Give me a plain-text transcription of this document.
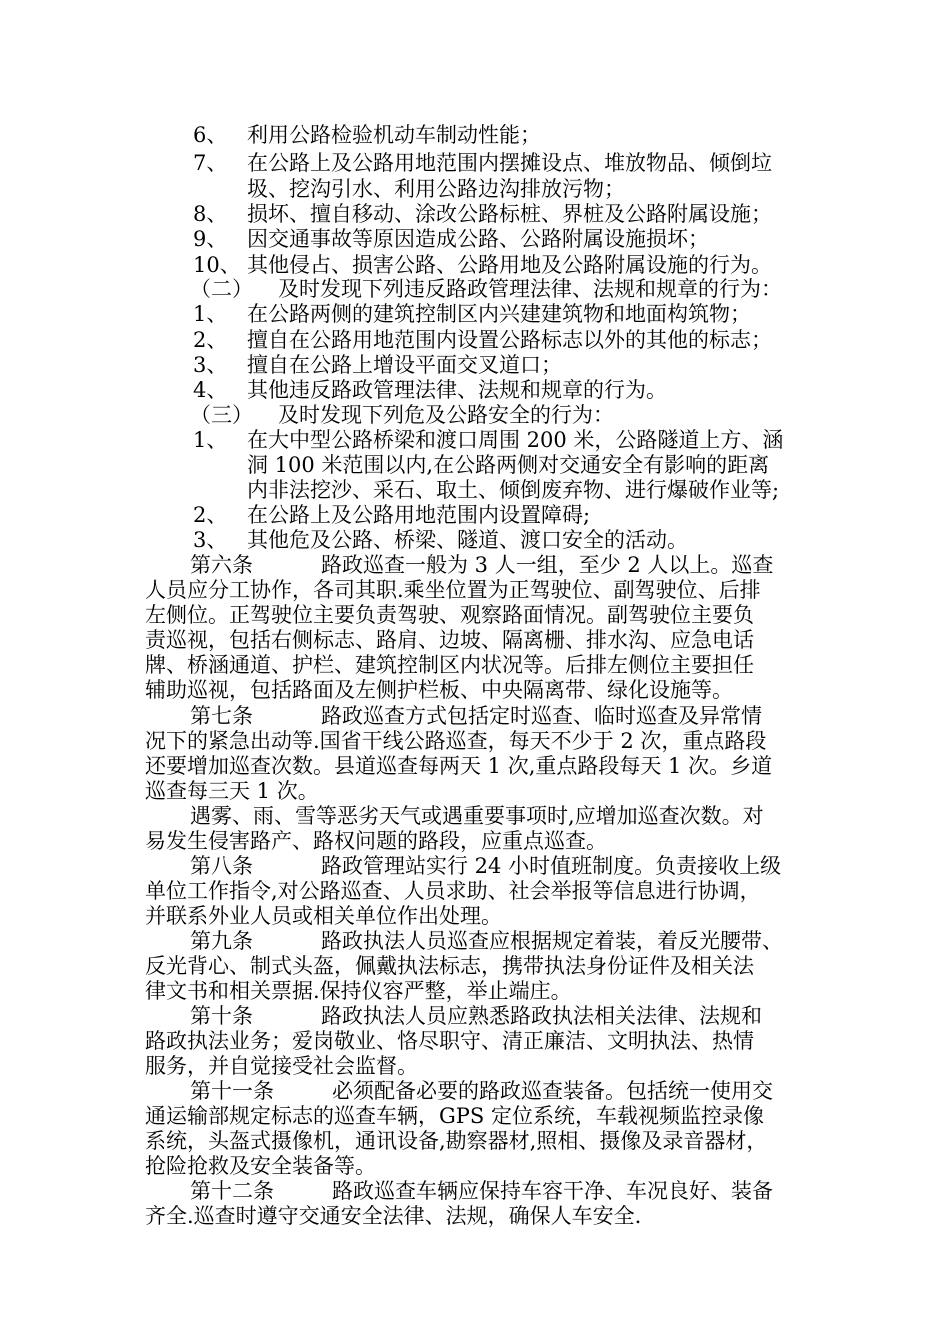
6、 利用公路检验机动车制动性能；
7、 在公路上及公路用地范围内摆摊设点、堆放物品、倾倒垃
圾、挖沟引水、利用公路边沟排放污物；
8、 损坏、擅自移动、涂改公路标桩、界桩及公路附属设施；
9、 因交通事故等原因造成公路、公路附属设施损坏；
10、 其他侵占、损害公路、公路用地及公路附属设施的行为。
（二） 及时发现下列违反路政管理法律、法规和规章的行为：
1、 在公路两侧的建筑控制区内兴建建筑物和地面构筑物；
2、 擅自在公路用地范围内设置公路标志以外的其他的标志；
3、 擅自在公路上增设平面交叉道口；
4、 其他违反路政管理法律、法规和规章的行为。
（三） 及时发现下列危及公路安全的行为：
1、 在大中型公路桥梁和渡口周围 200 米，公路隧道上方、涵
洞 100 米范围以内,在公路两侧对交通安全有影响的距离
内非法挖沙、采石、取土、倾倒废弃物、进行爆破作业等;
2、 在公路上及公路用地范围内设置障碍;
3、 其他危及公路、桥梁、隧道、渡口安全的活动。
第六条	路政巡查一般为 3 人一组，至少 2 人以上。巡查
人员应分工协作，各司其职.乘坐位置为正驾驶位、副驾驶位、后排
左侧位。正驾驶位主要负责驾驶、观察路面情况。副驾驶位主要负
责巡视，包括右侧标志、路肩、边坡、隔离栅、排水沟、应急电话
牌、桥涵通道、护栏、建筑控制区内状况等。后排左侧位主要担任
辅助巡视，包括路面及左侧护栏板、中央隔离带、绿化设施等。
第七条	路政巡查方式包括定时巡查、临时巡查及异常情
况下的紧急出动等.国省干线公路巡查，每天不少于 2 次，重点路段
还要增加巡查次数。县道巡查每两天 1 次,重点路段每天 1 次。乡道
巡查每三天 1 次。
遇雾、雨、雪等恶劣天气或遇重要事项时,应增加巡查次数。对
易发生侵害路产、路权问题的路段，应重点巡查。
第八条	路政管理站实行 24 小时值班制度。负责接收上级
单位工作指令,对公路巡查、人员求助、社会举报等信息进行协调，
并联系外业人员或相关单位作出处理。
第九条	路政执法人员巡查应根据规定着装，着反光腰带、
反光背心、制式头盔，佩戴执法标志，携带执法身份证件及相关法
律文书和相关票据.保持仪容严整，举止端庄。
第十条	路政执法人员应熟悉路政执法相关法律、法规和
路政执法业务；爱岗敬业、恪尽职守、清正廉洁、文明执法、热情
服务，并自觉接受社会监督。
第十一条	必须配备必要的路政巡查装备。包括统一使用交
通运输部规定标志的巡查车辆，GPS 定位系统，车载视频监控录像
系统，头盔式摄像机，通讯设备,勘察器材,照相、摄像及录音器材，
抢险抢救及安全装备等。
第十二条	路政巡查车辆应保持车容干净、车况良好、装备
齐全.巡查时遵守交通安全法律、法规，确保人车安全.
